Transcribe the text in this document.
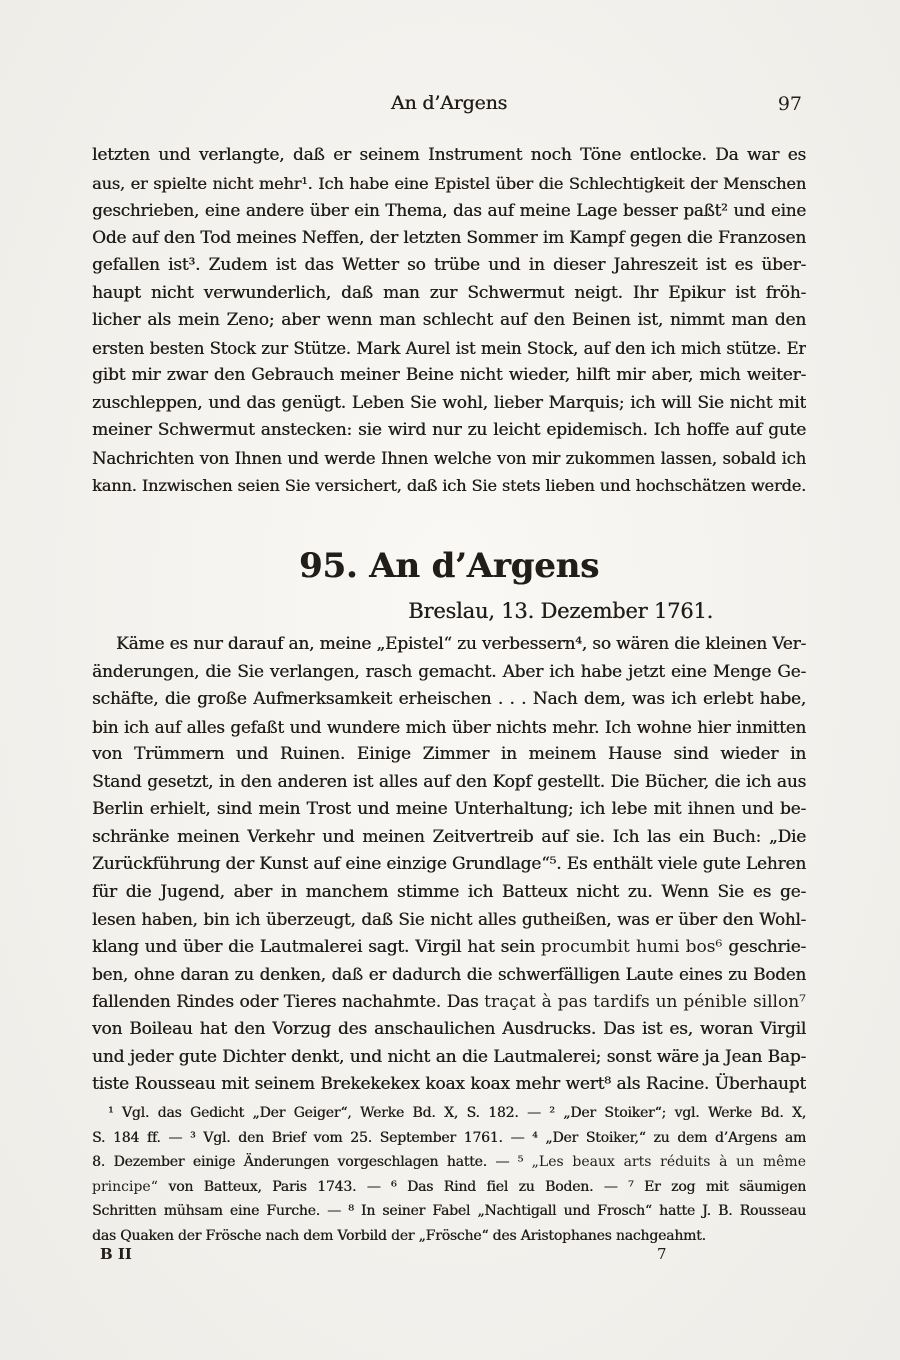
An d’Argens	97
letzten und verlangte, daß er seinem Instrument noch Töne entlocke. Da war es
aus, er spielte nicht mehr¹. Ich habe eine Epistel über die Schlechtigkeit der Menschen
geschrieben, eine andere über ein Thema, das auf meine Lage besser paßt² und eine
Ode auf den Tod meines Neffen, der letzten Sommer im Kampf gegen die Franzosen
gefallen ist³. Zudem ist das Wetter so trübe und in dieser Jahreszeit ist es über-
haupt nicht verwunderlich, daß man zur Schwermut neigt. Ihr Epikur ist fröh-
licher als mein Zeno; aber wenn man schlecht auf den Beinen ist, nimmt man den
ersten besten Stock zur Stütze. Mark Aurel ist mein Stock, auf den ich mich stütze. Er
gibt mir zwar den Gebrauch meiner Beine nicht wieder, hilft mir aber, mich weiter-
zuschleppen, und das genügt. Leben Sie wohl, lieber Marquis; ich will Sie nicht mit
meiner Schwermut anstecken: sie wird nur zu leicht epidemisch. Ich hoffe auf gute
Nachrichten von Ihnen und werde Ihnen welche von mir zukommen lassen, sobald ich
kann. Inzwischen seien Sie versichert, daß ich Sie stets lieben und hochschätzen werde.
95. An d’Argens
Breslau, 13. Dezember 1761.
Käme es nur darauf an, meine „Epistel“ zu verbessern⁴, so wären die kleinen Ver-
änderungen, die Sie verlangen, rasch gemacht. Aber ich habe jetzt eine Menge Ge-
schäfte, die große Aufmerksamkeit erheischen . . . Nach dem, was ich erlebt habe,
bin ich auf alles gefaßt und wundere mich über nichts mehr. Ich wohne hier inmitten
von Trümmern und Ruinen. Einige Zimmer in meinem Hause sind wieder in
Stand gesetzt, in den anderen ist alles auf den Kopf gestellt. Die Bücher, die ich aus
Berlin erhielt, sind mein Trost und meine Unterhaltung; ich lebe mit ihnen und be-
schränke meinen Verkehr und meinen Zeitvertreib auf sie. Ich las ein Buch: „Die
Zurückführung der Kunst auf eine einzige Grundlage“⁵. Es enthält viele gute Lehren
für die Jugend, aber in manchem stimme ich Batteux nicht zu. Wenn Sie es ge-
lesen haben, bin ich überzeugt, daß Sie nicht alles gutheißen, was er über den Wohl-
klang und über die Lautmalerei sagt. Virgil hat sein procumbit humi bos⁶ geschrie-
ben, ohne daran zu denken, daß er dadurch die schwerfälligen Laute eines zu Boden
fallenden Rindes oder Tieres nachahmte. Das traçat à pas tardifs un pénible sillon⁷
von Boileau hat den Vorzug des anschaulichen Ausdrucks. Das ist es, woran Virgil
und jeder gute Dichter denkt, und nicht an die Lautmalerei; sonst wäre ja Jean Bap-
tiste Rousseau mit seinem Brekekekex koax koax mehr wert⁸ als Racine. Überhaupt
¹ Vgl. das Gedicht „Der Geiger“, Werke Bd. X, S. 182. — ² „Der Stoiker“; vgl. Werke Bd. X,
S. 184 ff. — ³ Vgl. den Brief vom 25. September 1761. — ⁴ „Der Stoiker,“ zu dem d’Argens am
8. Dezember einige Änderungen vorgeschlagen hatte. — ⁵ „Les beaux arts réduits à un même
principe“ von Batteux, Paris 1743. — ⁶ Das Rind fiel zu Boden. — ⁷ Er zog mit säumigen
Schritten mühsam eine Furche. — ⁸ In seiner Fabel „Nachtigall und Frosch“ hatte J. B. Rousseau
das Quaken der Frösche nach dem Vorbild der „Frösche“ des Aristophanes nachgeahmt.
B II	7
